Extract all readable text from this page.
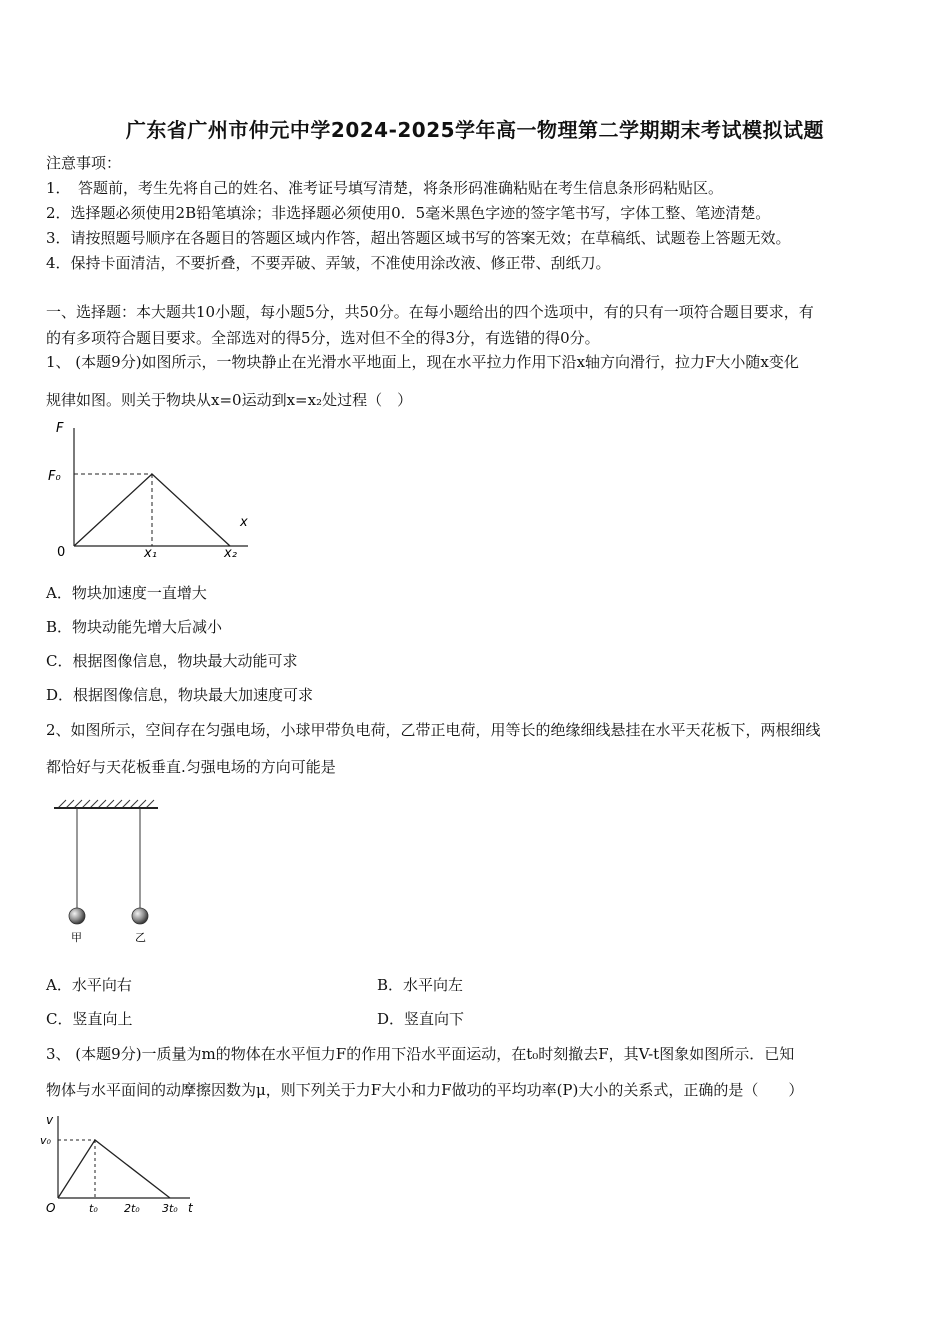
广东省广州市仲元中学2024-2025学年高一物理第二学期期末考试模拟试题
注意事项：
1．　答题前，考生先将自己的姓名、准考证号填写清楚，将条形码准确粘贴在考生信息条形码粘贴区。
2．选择题必须使用2B铅笔填涂；非选择题必须使用0．5毫米黑色字迹的签字笔书写，字体工整、笔迹清楚。
3．请按照题号顺序在各题目的答题区域内作答，超出答题区域书写的答案无效；在草稿纸、试题卷上答题无效。
4．保持卡面清洁，不要折叠，不要弄破、弄皱，不准使用涂改液、修正带、刮纸刀。
一、选择题：本大题共10小题，每小题5分，共50分。在每小题给出的四个选项中，有的只有一项符合题目要求，有
的有多项符合题目要求。全部选对的得5分，选对但不全的得3分，有选错的得0分。
1、 (本题9分)如图所示，一物块静止在光滑水平地面上，现在水平拉力作用下沿x轴方向滑行，拉力F大小随x变化
规律如图。则关于物块从x=0运动到x=x₂处过程（　）
F
F₀
x
0	x₁	x₂
A．物块加速度一直增大
B．物块动能先增大后减小
C．根据图像信息，物块最大动能可求
D．根据图像信息，物块最大加速度可求
2、如图所示，空间存在匀强电场，小球甲带负电荷，乙带正电荷，用等长的绝缘细线悬挂在水平天花板下，两根细线
都恰好与天花板垂直.匀强电场的方向可能是
甲	乙
A．水平向右	B．水平向左
C．竖直向上	D．竖直向下
3、 (本题9分)一质量为m的物体在水平恒力F的作用下沿水平面运动，在t₀时刻撤去F，其V-t图象如图所示．已知
物体与水平面间的动摩擦因数为μ，则下列关于力F大小和力F做功的平均功率(P)大小的关系式，正确的是（　　）
v
v₀
O	t₀ 2t₀ 3t₀ t
